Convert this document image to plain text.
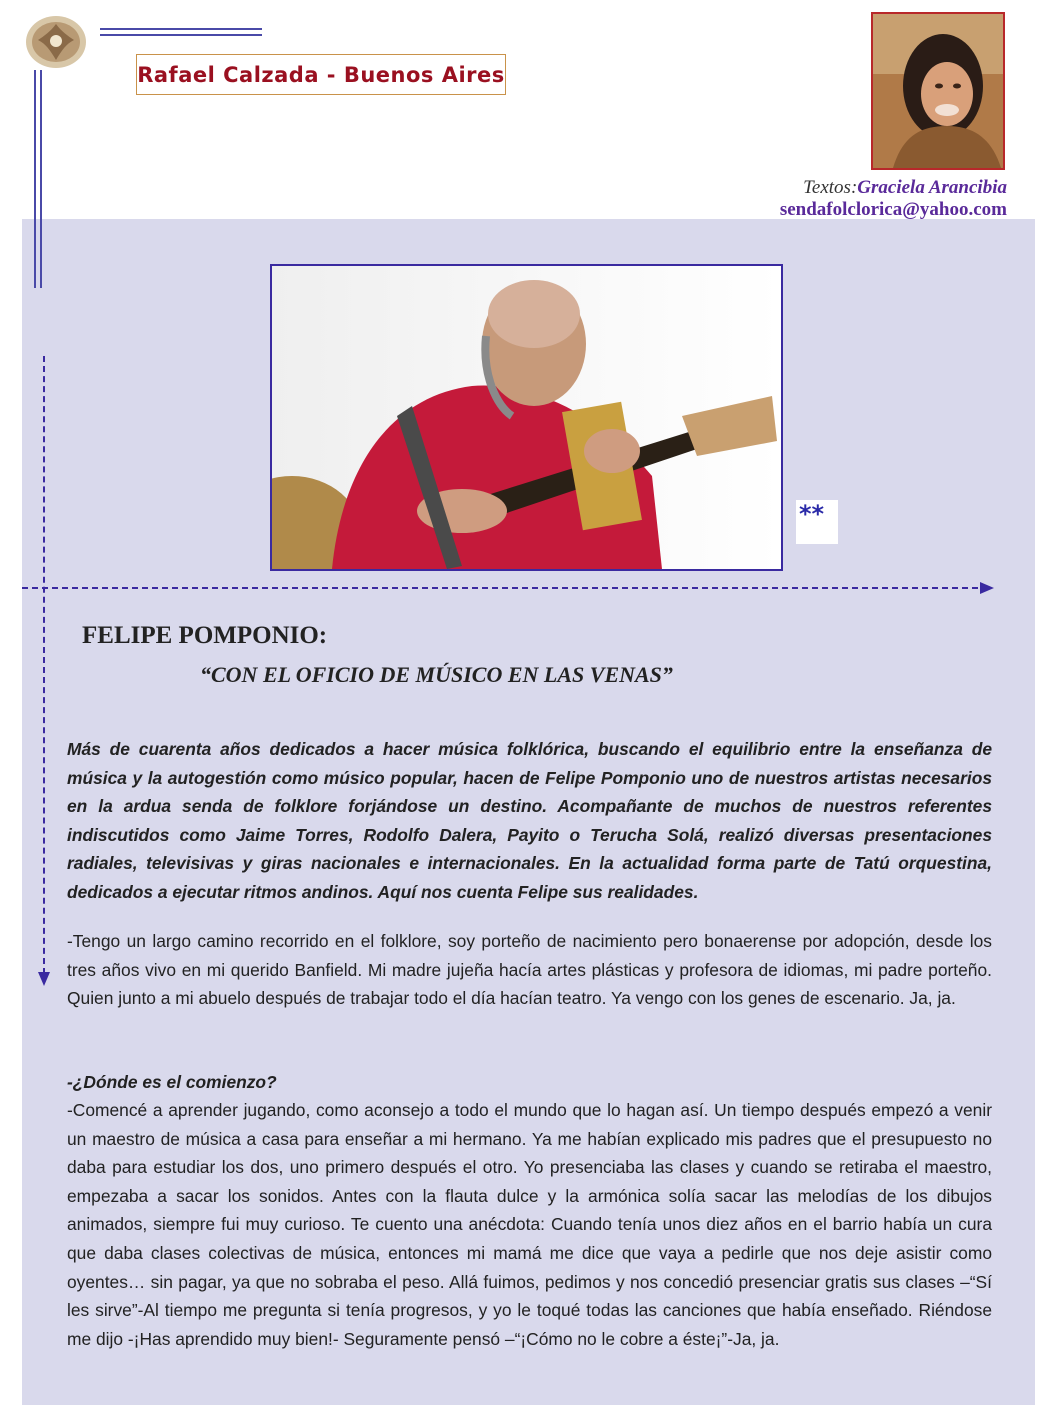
Rafael Calzada - Buenos Aires
Textos:Graciela Arancibia
sendafolclorica@yahoo.com
**
FELIPE POMPONIO:
“CON EL OFICIO DE MÚSICO EN LAS VENAS”
Más de cuarenta años dedicados a hacer música folklórica, buscando el equilibrio entre la enseñanza de música y la autogestión como músico popular, hacen de Felipe Pomponio uno de nuestros artistas necesarios en la ardua senda de folklore forjándose un destino. Acompañante de muchos de nuestros referentes indiscutidos como Jaime Torres, Rodolfo Dalera, Payito o Terucha Solá, realizó diversas presentaciones radiales, televisivas y giras nacionales e internacionales. En la actualidad forma parte de Tatú orquestina, dedicados a ejecutar ritmos andinos. Aquí nos cuenta Felipe sus realidades.
-Tengo un largo camino recorrido en el folklore, soy porteño de nacimiento pero bonaerense por adopción, desde los tres años vivo en mi querido Banfield. Mi madre jujeña hacía artes plásticas y profesora de idiomas, mi padre porteño. Quien junto a mi abuelo después de trabajar todo el día hacían teatro. Ya vengo con los genes de escenario. Ja, ja.
-¿Dónde es el comienzo?
-Comencé a aprender jugando, como aconsejo a todo el mundo que lo hagan así. Un tiempo después empezó a venir un maestro de música a casa para enseñar a mi hermano. Ya me habían explicado mis padres que el presupuesto no daba para estudiar los dos, uno primero después el otro. Yo presenciaba las clases y cuando se retiraba el maestro, empezaba a sacar los sonidos. Antes con la flauta dulce y la armónica solía sacar las melodías de los dibujos animados, siempre fui muy curioso. Te cuento una anécdota: Cuando tenía unos diez años en el barrio había un cura que daba clases colectivas de música, entonces mi mamá me dice que vaya a pedirle que nos deje asistir como oyentes… sin pagar, ya que no sobraba el peso. Allá fuimos, pedimos y nos concedió presenciar gratis sus clases –“Sí les sirve”-Al tiempo me pregunta si tenía progresos, y yo le toqué todas las canciones que había enseñado. Riéndose me dijo -¡Has aprendido muy bien!- Seguramente pensó –“¡Cómo no le cobre a éste¡”-Ja, ja.
